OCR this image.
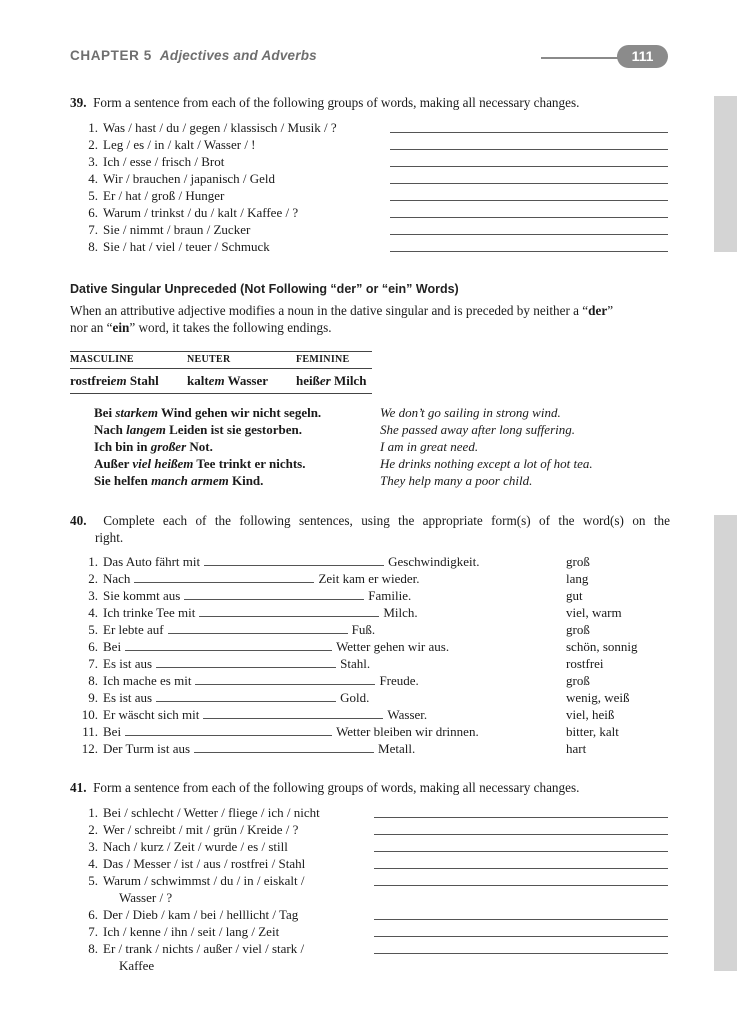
CHAPTER 5 Adjectives and Adverbs	111
39. Form a sentence from each of the following groups of words, making all necessary changes.
1. Was / hast / du / gegen / klassisch / Musik / ?
2. Leg / es / in / kalt / Wasser / !
3. Ich / esse / frisch / Brot
4. Wir / brauchen / japanisch / Geld
5. Er / hat / groß / Hunger
6. Warum / trinkst / du / kalt / Kaffee / ?
7. Sie / nimmt / braun / Zucker
8. Sie / hat / viel / teuer / Schmuck
Dative Singular Unpreceded (Not Following “der” or “ein” Words)
When an attributive adjective modifies a noun in the dative singular and is preceded by neither a “der”
nor an “ein” word, it takes the following endings.
MASCULINE	NEUTER	FEMININE
rostfreiem Stahl	kaltem Wasser	heißer Milch
Bei starkem Wind gehen wir nicht segeln.	We don’t go sailing in strong wind.
Nach langem Leiden ist sie gestorben.	She passed away after long suffering.
Ich bin in großer Not.	I am in great need.
Außer viel heißem Tee trinkt er nichts.	He drinks nothing except a lot of hot tea.
Sie helfen manch armem Kind.	They help many a poor child.
40. Complete each of the following sentences, using the appropriate form(s) of the word(s) on the
right.
1. Das Auto fährt mit	Geschwindigkeit.	groß
2. Nach	Zeit kam er wieder.	lang
3. Sie kommt aus	Familie.	gut
4. Ich trinke Tee mit	Milch.	viel, warm
5. Er lebte auf	Fuß.	groß
6. Bei	Wetter gehen wir aus.	schön, sonnig
7. Es ist aus	Stahl.	rostfrei
8. Ich mache es mit	Freude.	groß
9. Es ist aus	Gold.	wenig, weiß
10. Er wäscht sich mit	Wasser.	viel, heiß
11. Bei	Wetter bleiben wir drinnen.	bitter, kalt
12. Der Turm ist aus	Metall.	hart
41. Form a sentence from each of the following groups of words, making all necessary changes.
1. Bei / schlecht / Wetter / fliege / ich / nicht
2. Wer / schreibt / mit / grün / Kreide / ?
3. Nach / kurz / Zeit / wurde / es / still
4. Das / Messer / ist / aus / rostfrei / Stahl
5. Warum / schwimmst / du / in / eiskalt /
Wasser / ?
6. Der / Dieb / kam / bei / helllicht / Tag
7. Ich / kenne / ihn / seit / lang / Zeit
8. Er / trank / nichts / außer / viel / stark /
Kaffee
